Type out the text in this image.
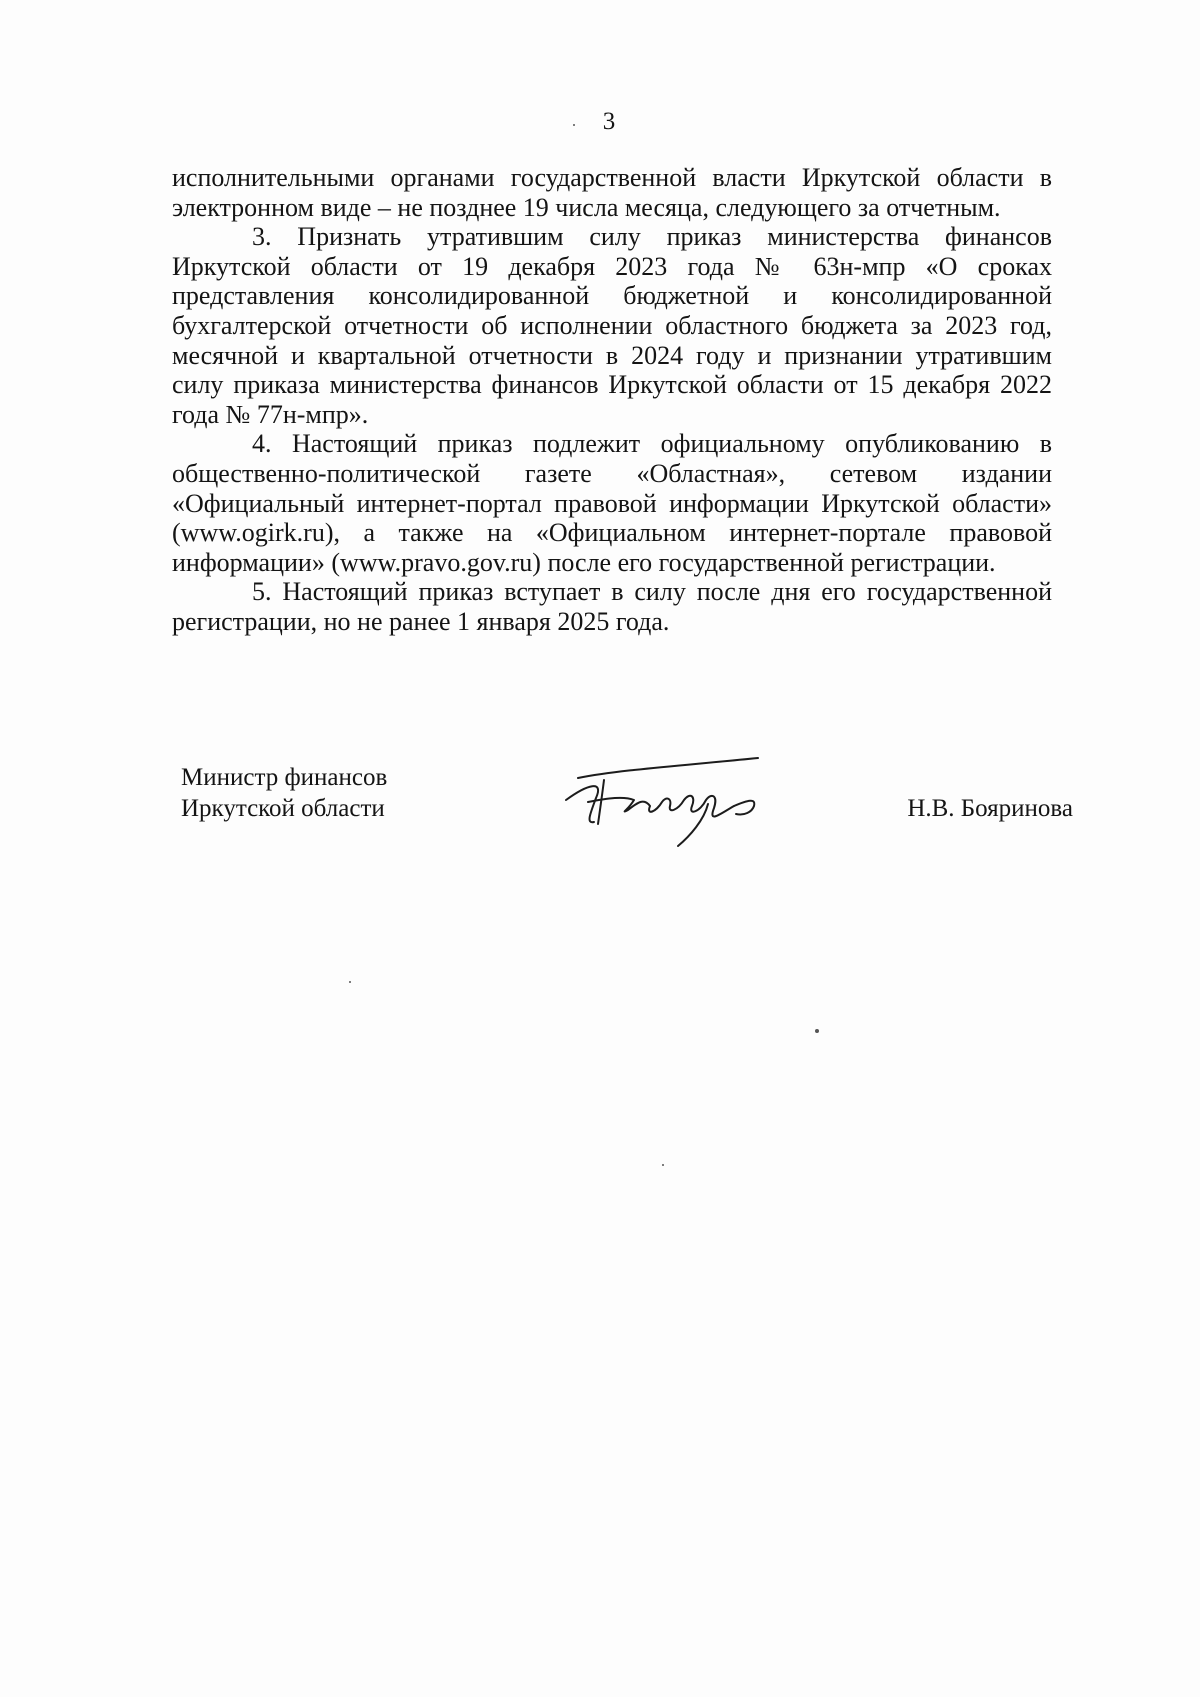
3

исполнительными органами государственной власти Иркутской области в электронном виде – не позднее 19 числа месяца, следующего за отчетным.

3. Признать утратившим силу приказ министерства финансов Иркутской области от 19 декабря 2023 года № 63н-мпр «О сроках представления консолидированной бюджетной и консолидированной бухгалтерской отчетности об исполнении областного бюджета за 2023 год, месячной и квартальной отчетности в 2024 году и признании утратившим силу приказа министерства финансов Иркутской области от 15 декабря 2022 года № 77н-мпр».

4. Настоящий приказ подлежит официальному опубликованию в общественно-политической газете «Областная», сетевом издании «Официальный интернет-портал правовой информации Иркутской области» (www.ogirk.ru), а также на «Официальном интернет-портале правовой информации» (www.pravo.gov.ru) после его государственной регистрации.

5. Настоящий приказ вступает в силу после дня его государственной регистрации, но не ранее 1 января 2025 года.

Министр финансов
Иркутской области	Н.В. Бояринова
